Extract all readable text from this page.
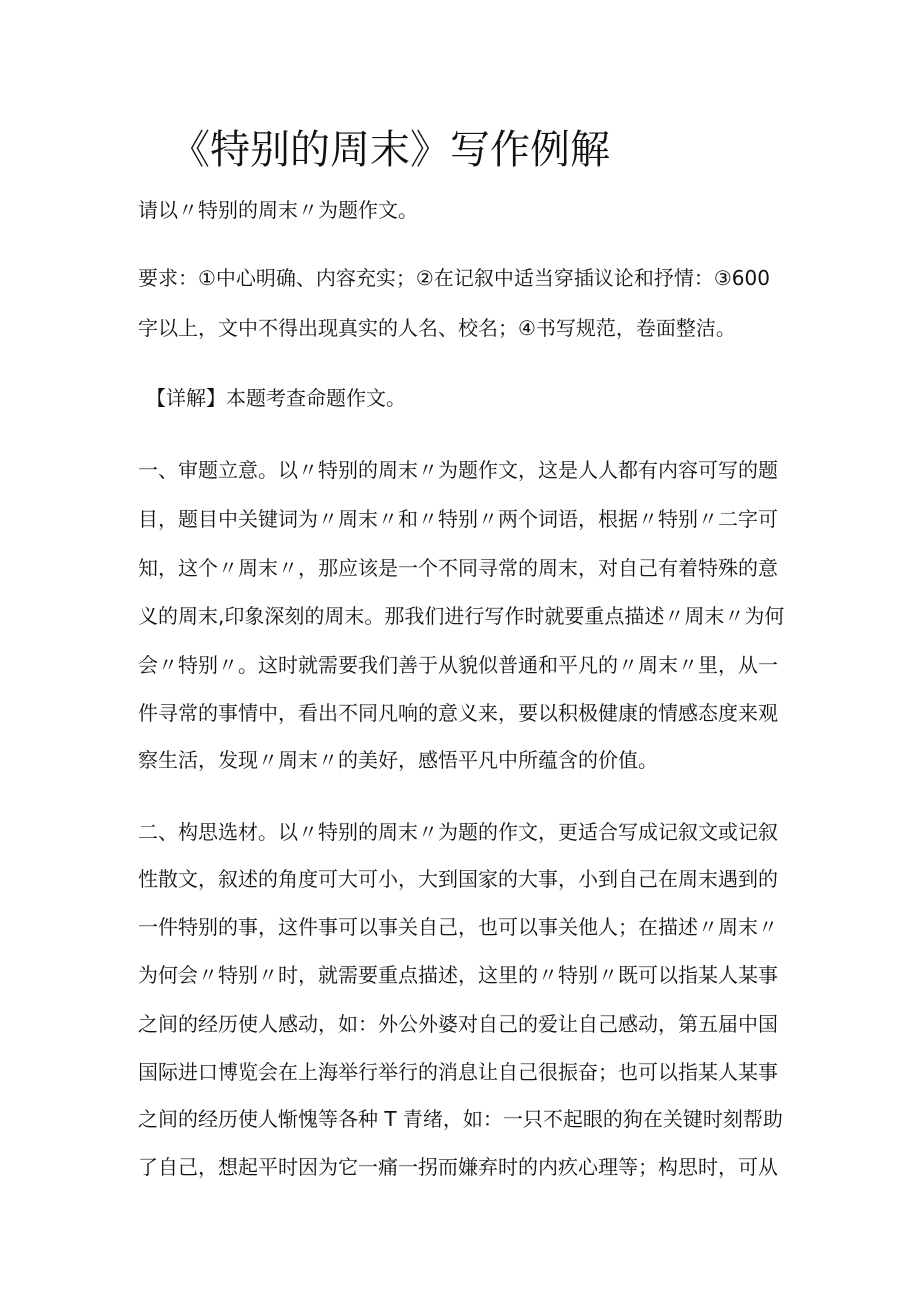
《特别的周末》写作例解
请以〃特别的周末〃为题作文。
要求：①中心明确、内容充实；②在记叙中适当穿插议论和抒情：③600
字以上，文中不得出现真实的人名、校名；④书写规范，卷面整洁。
【详解】本题考查命题作文。
一、审题立意。以〃特别的周末〃为题作文，这是人人都有内容可写的题
目，题目中关键词为〃周末〃和〃特别〃两个词语，根据〃特别〃二字可
知，这个〃周末〃，那应该是一个不同寻常的周末，对自己有着特殊的意
义的周末,印象深刻的周末。那我们进行写作时就要重点描述〃周末〃为何
会〃特别〃。这时就需要我们善于从貌似普通和平凡的〃周末〃里，从一
件寻常的事情中，看出不同凡响的意义来，要以积极健康的情感态度来观
察生活，发现〃周末〃的美好，感悟平凡中所蕴含的价值。
二、构思选材。以〃特别的周末〃为题的作文，更适合写成记叙文或记叙
性散文，叙述的角度可大可小，大到国家的大事，小到自己在周末遇到的
一件特别的事，这件事可以事关自己，也可以事关他人；在描述〃周末〃
为何会〃特别〃时，就需要重点描述，这里的〃特别〃既可以指某人某事
之间的经历使人感动，如：外公外婆对自己的爱让自己感动，第五届中国
国际进口博览会在上海举行举行的消息让自己很振奋；也可以指某人某事
之间的经历使人惭愧等各种 T 青绪，如：一只不起眼的狗在关键时刻帮助
了自己，想起平时因为它一痛一拐而嫌弃时的内疚心理等；构思时，可从
